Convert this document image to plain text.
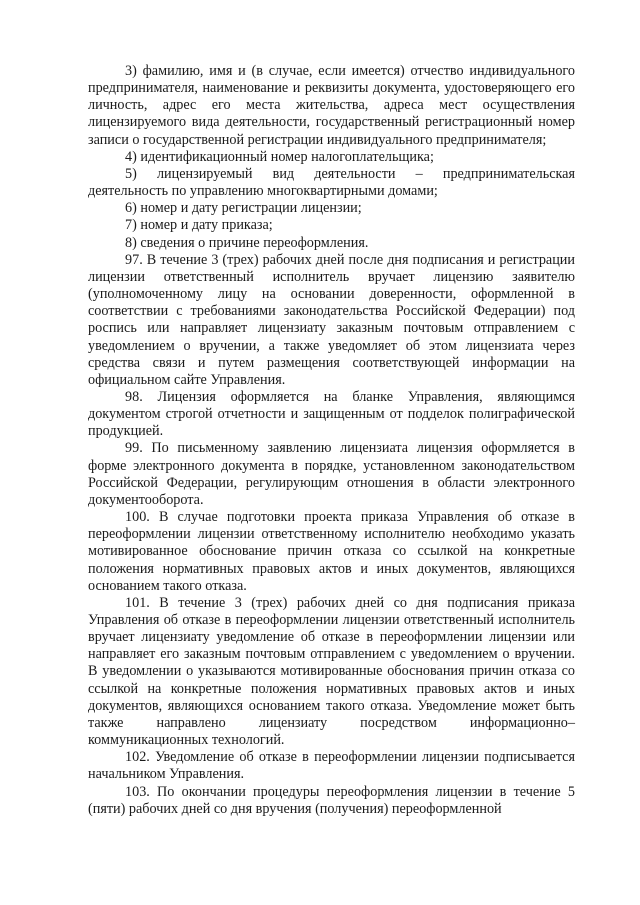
3) фамилию, имя и (в случае, если имеется) отчество индивидуального предпринимателя, наименование и реквизиты документа, удостоверяющего его личность, адрес его места жительства, адреса мест осуществления лицензируемого вида деятельности, государственный регистрационный номер записи о государственной регистрации индивидуального предпринимателя;

4) идентификационный номер налогоплательщика;

5) лицензируемый вид деятельности – предпринимательская деятельность по управлению многоквартирными домами;

6) номер и дату регистрации лицензии;

7) номер и дату приказа;

8) сведения о причине переоформления.

97. В течение 3 (трех) рабочих дней после дня подписания и регистрации лицензии ответственный исполнитель вручает лицензию заявителю (уполномоченному лицу на основании доверенности, оформленной в соответствии с требованиями законодательства Российской Федерации) под роспись или направляет лицензиату заказным почтовым отправлением с уведомлением о вручении, а также уведомляет об этом лицензиата через средства связи и путем размещения соответствующей информации на официальном сайте Управления.

98. Лицензия оформляется на бланке Управления, являющимся документом строгой отчетности и защищенным от подделок полиграфической продукцией.

99. По письменному заявлению лицензиата лицензия оформляется в форме электронного документа в порядке, установленном законодательством Российской Федерации, регулирующим отношения в области электронного документооборота.

100. В случае подготовки проекта приказа Управления об отказе в переоформлении лицензии ответственному исполнителю необходимо указать мотивированное обоснование причин отказа со ссылкой на конкретные положения нормативных правовых актов и иных документов, являющихся основанием такого отказа.

101. В течение 3 (трех) рабочих дней со дня подписания приказа Управления об отказе в переоформлении лицензии ответственный исполнитель вручает лицензиату уведомление об отказе в переоформлении лицензии или направляет его заказным почтовым отправлением с уведомлением о вручении. В уведомлении о указываются мотивированные обоснования причин отказа со ссылкой на конкретные положения нормативных правовых актов и иных документов, являющихся основанием такого отказа. Уведомление может быть также направлено лицензиату посредством информационно–коммуникационных технологий.

102. Уведомление об отказе в переоформлении лицензии подписывается начальником Управления.

103. По окончании процедуры переоформления лицензии в течение 5 (пяти) рабочих дней со дня вручения (получения) переоформленной
